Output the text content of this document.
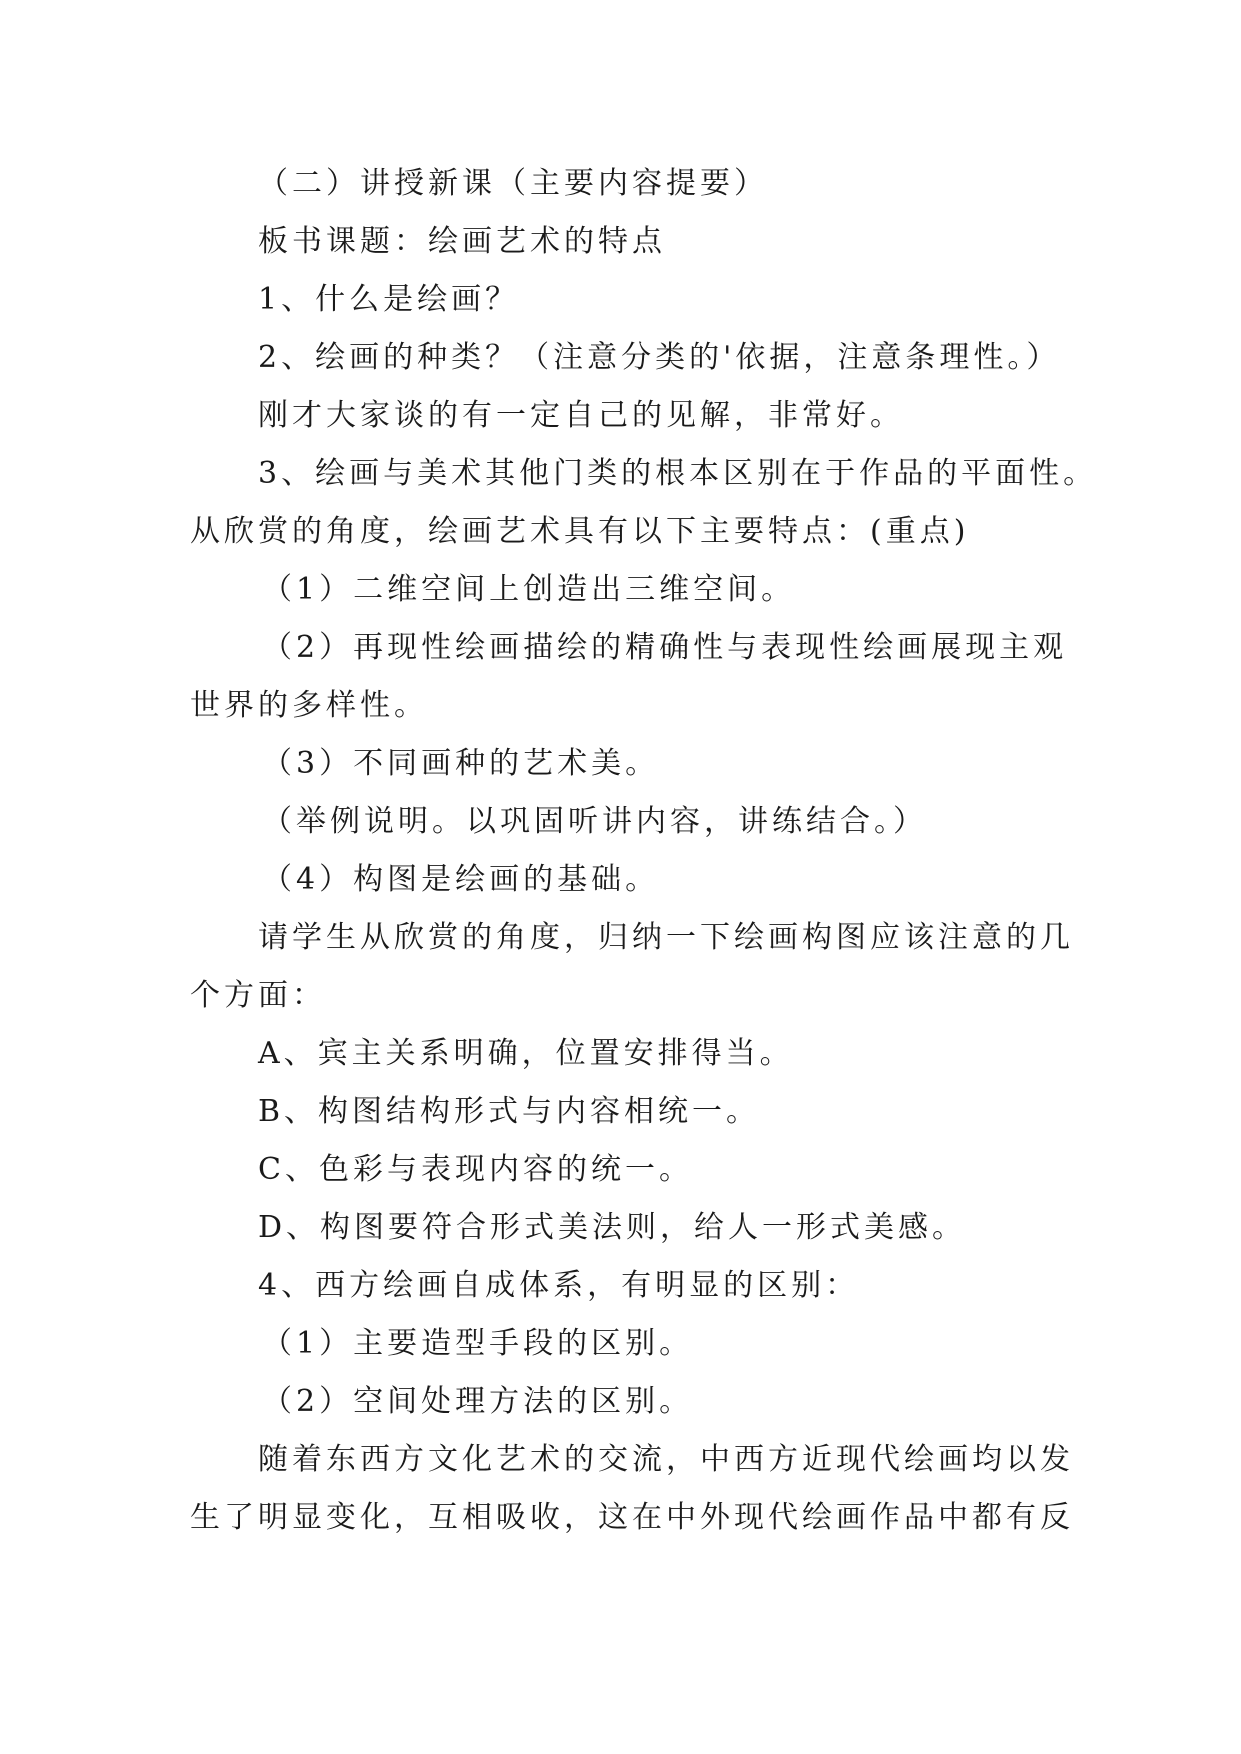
（二）讲授新课（主要内容提要）

板书课题：绘画艺术的特点

1、什么是绘画？

2、绘画的种类？（注意分类的'依据，注意条理性。）

刚才大家谈的有一定自己的见解，非常好。

3、绘画与美术其他门类的根本区别在于作品的平面性。

从欣赏的角度，绘画艺术具有以下主要特点：(重点)

（1）二维空间上创造出三维空间。

（2）再现性绘画描绘的精确性与表现性绘画展现主观

世界的多样性。

（3）不同画种的艺术美。

（举例说明。以巩固听讲内容，讲练结合。）

（4）构图是绘画的基础。

请学生从欣赏的角度，归纳一下绘画构图应该注意的几

个方面：

A、宾主关系明确，位置安排得当。

B、构图结构形式与内容相统一。

C、色彩与表现内容的统一。

D、构图要符合形式美法则，给人一形式美感。

4、西方绘画自成体系，有明显的区别：

（1）主要造型手段的区别。

（2）空间处理方法的区别。

随着东西方文化艺术的交流，中西方近现代绘画均以发

生了明显变化，互相吸收，这在中外现代绘画作品中都有反
